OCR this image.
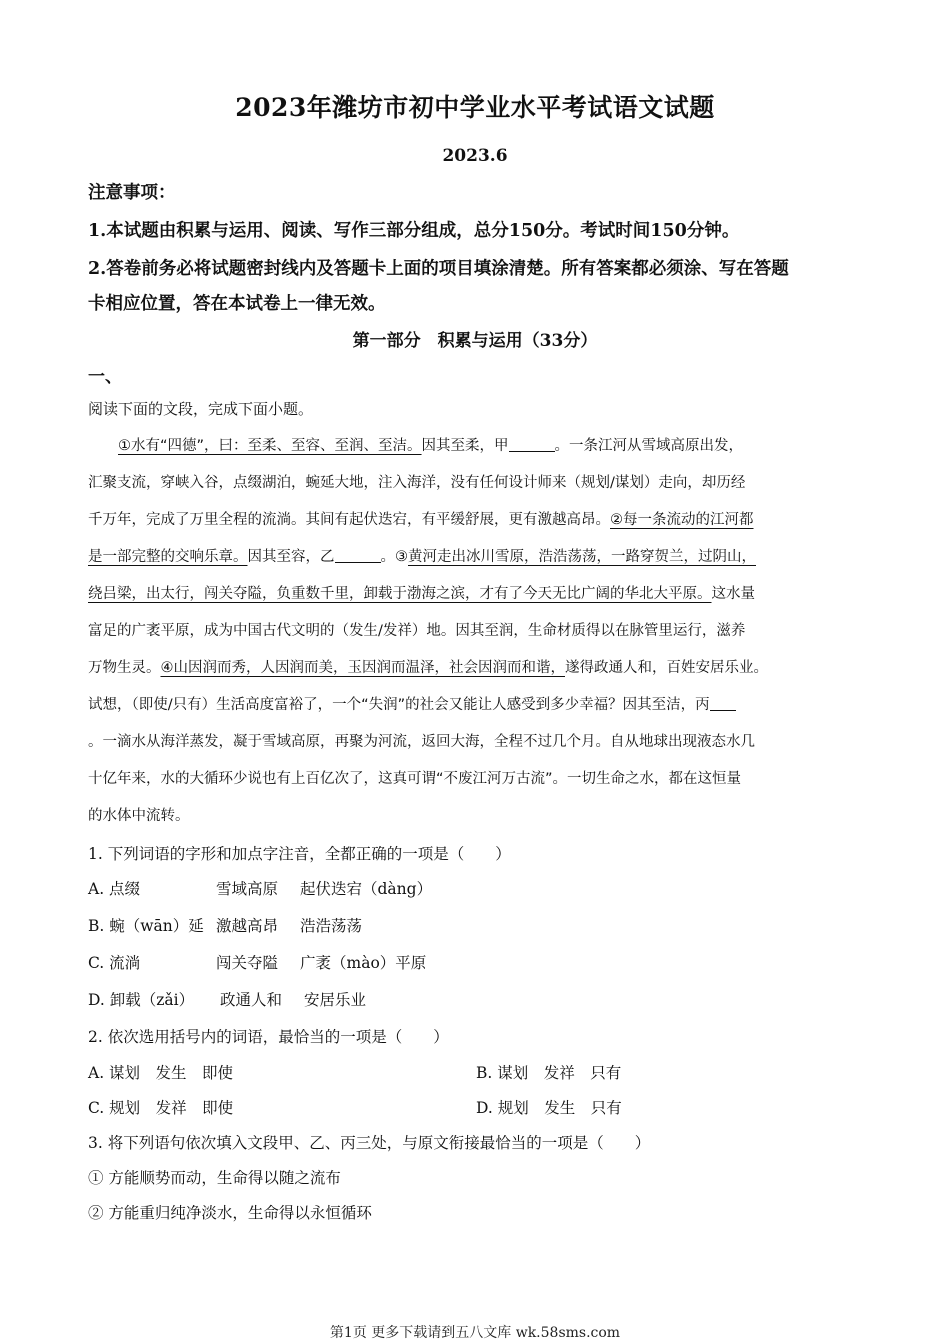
2023年潍坊市初中学业水平考试语文试题
2023.6
注意事项：
1.本试题由积累与运用、阅读、写作三部分组成，总分150分。考试时间150分钟。
2.答卷前务必将试题密封线内及答题卡上面的项目填涂清楚。所有答案都必须涂、写在答题
卡相应位置，答在本试卷上一律无效。
第一部分　积累与运用（33分）
一、
阅读下面的文段，完成下面小题。
①水有“四德”，曰：至柔、至容、至润、至洁。因其至柔，甲	。一条江河从雪域高原出发，
汇聚支流，穿峡入谷，点缀湖泊，蜿延大地，注入海洋，没有任何设计师来（规划/谋划）走向，却历经
千万年，完成了万里全程的流淌。其间有起伏迭宕，有平缓舒展，更有激越高昂。②每一条流动的江河都
是一部完整的交响乐章。因其至容，乙	。③黄河走出冰川雪原，浩浩荡荡，一路穿贺兰，过阴山，
绕吕梁，出太行，闯关夺隘，负重数千里，卸载于渤海之滨，才有了今天无比广阔的华北大平原。这水量
富足的广袤平原，成为中国古代文明的（发生/发祥）地。因其至润，生命材质得以在脉管里运行，滋养
万物生灵。④山因润而秀，人因润而美，玉因润而温泽，社会因润而和谐，遂得政通人和，百姓安居乐业。
试想，（即使/只有）生活高度富裕了，一个“失润”的社会又能让人感受到多少幸福？因其至洁，丙
。一滴水从海洋蒸发，凝于雪域高原，再聚为河流，返回大海，全程不过几个月。自从地球出现液态水几
十亿年来，水的大循环少说也有上百亿次了，这真可谓“不废江河万古流”。一切生命之水，都在这恒量
的水体中流转。
1. 下列词语的字形和加点字注音，全都正确的一项是（　　）
A. 点缀	雪域高原 起伏迭宕（dàng）
B. 蜿（wān）延 激越高昂 浩浩荡荡
C. 流淌	闯关夺隘 广袤（mào）平原
D. 卸载（zǎi） 政通人和 安居乐业
2. 依次选用括号内的词语，最恰当的一项是（　　）
A. 谋划　发生　即使	B. 谋划　发祥　只有
C. 规划　发祥　即使	D. 规划　发生　只有
3. 将下列语句依次填入文段甲、乙、丙三处，与原文衔接最恰当的一项是（　　）
① 方能顺势而动，生命得以随之流布
② 方能重归纯净淡水，生命得以永恒循环
第1页 更多下载请到五八文库 wk.58sms.com
